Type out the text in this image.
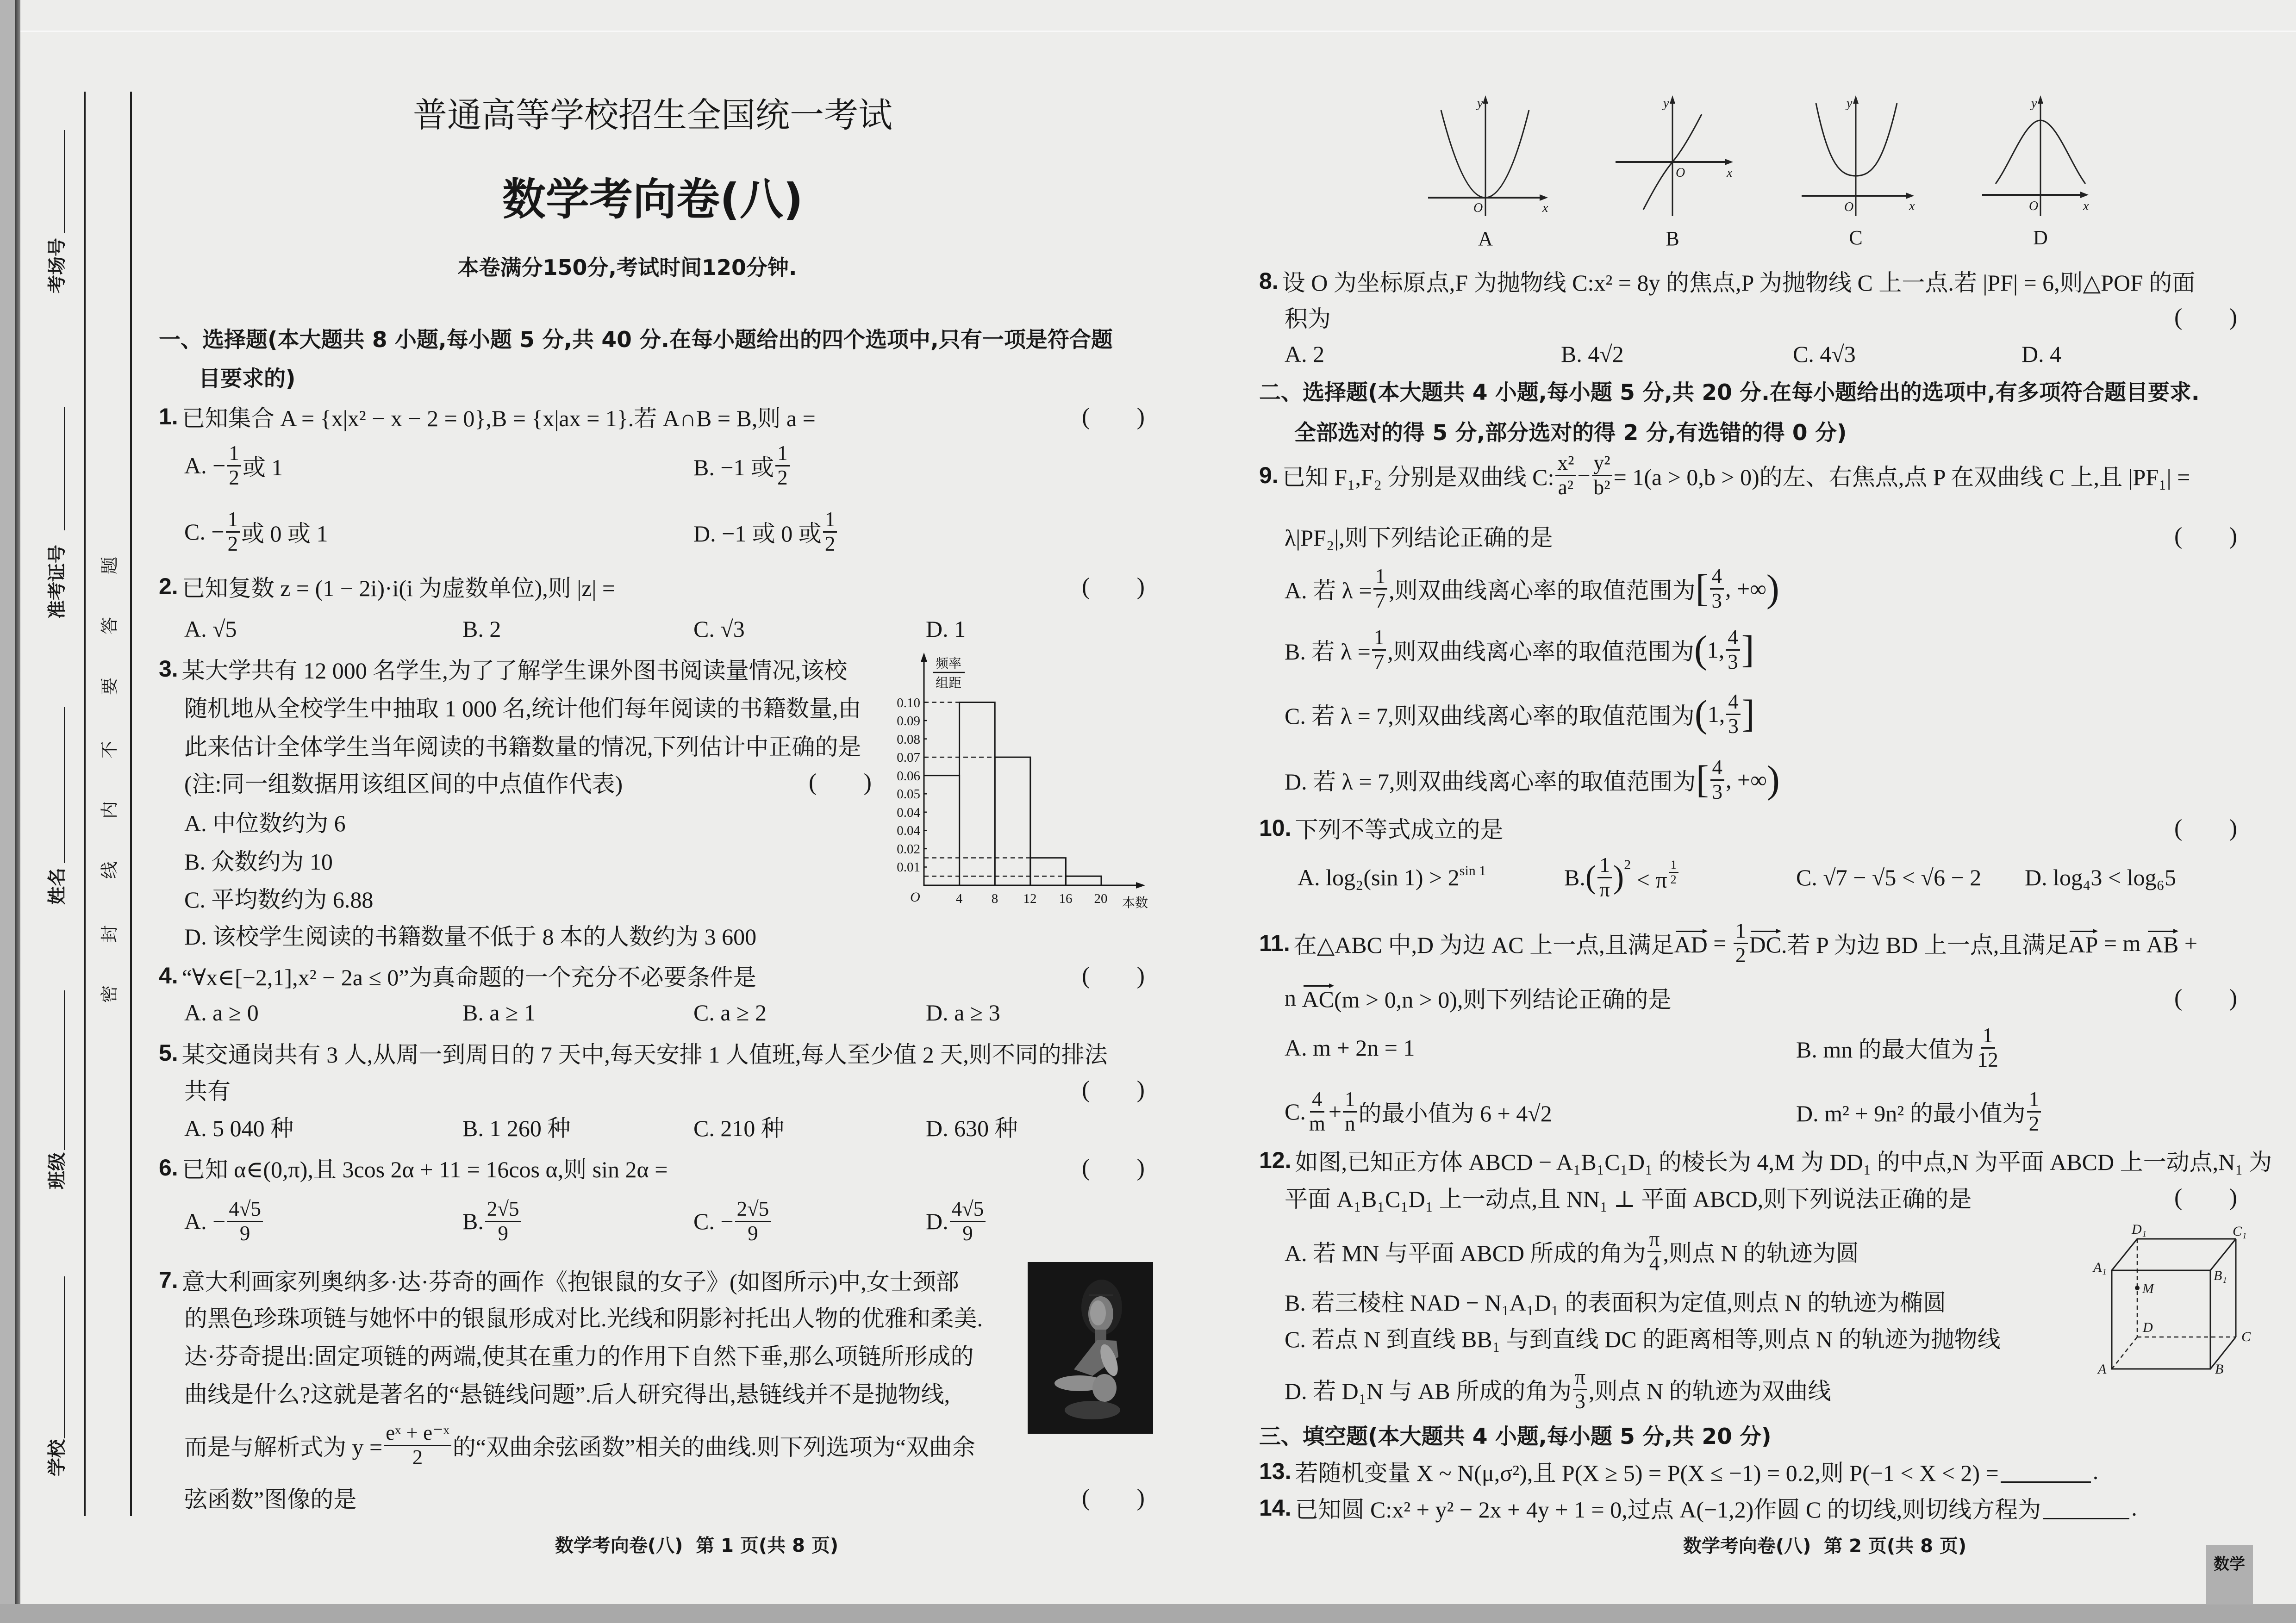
考场号
准考证号
姓名
班级
学校
密
封
线
内
不
要
答
题
普通高等学校招生全国统一考试
数学考向卷(八)
本卷满分150分,考试时间120分钟.
一、选择题(本大题共 8 小题,每小题 5 分,共 40 分.在每小题给出的四个选项中,只有一项是符合题
目要求的)
1. 已知集合 A = {x|x² − x − 2 = 0},B = {x|ax = 1}.若 A∩B = B,则 a =	( )
A. − $\frac{1}{2}$ 或 1	B. −1 或 $\frac{1}{2}$
C. − $\frac{1}{2}$ 或 0 或 1	D. −1 或 0 或 $\frac{1}{2}$
2. 已知复数 z = (1 − 2i)·i(i 为虚数单位),则 |z| =	( )
A. √5	B. 2	C. √3	D. 1
3. 某大学共有 12 000 名学生,为了了解学生课外图书阅读量情况,该校
随机地从全校学生中抽取 1 000 名,统计他们每年阅读的书籍数量,由
此来估计全体学生当年阅读的书籍数量的情况,下列估计中正确的是
(注:同一组数据用该组区间的中点值作代表)	( )
A. 中位数约为 6
B. 众数约为 10
C. 平均数约为 6.88
D. 该校学生阅读的书籍数量不低于 8 本的人数约为 3 600
频率
组距
0.10
0.09
0.08
0.07
0.06
0.05
0.04
0.04
0.02
0.01
O	4 8 12 16 20 本数
4. “∀x∈[−2,1],x² − 2a ≤ 0”为真命题的一个充分不必要条件是	( )
A. a ≥ 0	B. a ≥ 1	C. a ≥ 2	D. a ≥ 3
5. 某交通岗共有 3 人,从周一到周日的 7 天中,每天安排 1 人值班,每人至少值 2 天,则不同的排法
共有	( )
A. 5 040 种	B. 1 260 种	C. 210 种	D. 630 种
6. 已知 α∈(0,π),且 3cos 2α + 11 = 16cos α,则 sin 2α =	( )
A. − $\frac{4√5}{9}$	B. $\frac{2√5}{9}$	C. − $\frac{2√5}{9}$	D. $\frac{4√5}{9}$
7. 意大利画家列奥纳多·达·芬奇的画作《抱银鼠的女子》(如图所示)中,女士颈部
的黑色珍珠项链与她怀中的银鼠形成对比.光线和阴影衬托出人物的优雅和柔美.
达·芬奇提出:固定项链的两端,使其在重力的作用下自然下垂,那么项链所形成的
曲线是什么?这就是著名的“悬链线问题”.后人研究得出,悬链线并不是抛物线,
而是与解析式为 $y = \frac{\text{eˣ + e⁻ˣ}}{2}$ 的“双曲余弦函数”相关的曲线.则下列选项为“双曲余
弦函数”图像的是	( )
数学考向卷(八)  第 1 页(共 8 页)
y
x
O
A
y
O	x
B
y
O	x
C
y
O	x
D
8. 设 O 为坐标原点,F 为抛物线 C:x² = 8y 的焦点,P 为抛物线 C 上一点.若 |PF| = 6,则△POF 的面
积为	( )
A. 2	B. 4√2	C. 4√3	D. 4
二、选择题(本大题共 4 小题,每小题 5 分,共 20 分.在每小题给出的选项中,有多项符合题目要求.
全部选对的得 5 分,部分选对的得 2 分,有选错的得 0 分)
9. 已知 F₁,F₂ 分别是双曲线 C: $\frac{\text{x²}}{\text{a²}} - \frac{\text{y²}}{\text{b²}} = 1(a > 0,b > 0)$的左、右焦点,点 P 在双曲线 C 上,且 |PF₁| =
λ|PF₂|,则下列结论正确的是	( )
A. 若 $\lambda = \frac{1}{7}$ ,则双曲线离心率的取值范围为 [ $\frac{4}{3}$ , +∞ )
B. 若 $\lambda = \frac{1}{7}$ ,则双曲线离心率的取值范围为 ( 1, $\frac{4}{3}$ ]
C. 若 λ = 7,则双曲线离心率的取值范围为 ( 1, $\frac{4}{3}$ ]
D. 若 λ = 7,则双曲线离心率的取值范围为 [ $\frac{4}{3}$ , +∞ )
10. 下列不等式成立的是	( )
A. log₂(sin $1) > 2^{sin 1}$	B. ( $\frac{1}{\pi} )^2 < \pi \frac{1}{2}$	C. √7 − √5 < √6 − 2 D. log₄3 < log₆5
11. 在△ABC 中,D 为边 AC 上一点,且满足 AD = $\frac{1}{2}$ DC .若 P 为边 BD 上一点,且满足 AP = m AB +
n AC (m > 0,n > 0),则下列结论正确的是	( )
A. m + 2n = 1	B. mn 的最大值为 $\frac{1}{12}$
C. $\frac{4}{m} + \frac{1}{n}$ 的最小值为 6 + 4√2	D. m² + 9n² 的最小值为 $\frac{1}{2}$
12. 如图,已知正方体 ABCD − A₁B₁C₁D₁ 的棱长为 4,M 为 DD₁ 的中点,N 为平面 ABCD 上一动点,N₁ 为
平面 A₁B₁C₁D₁ 上一动点,且 NN₁ ⊥ 平面 ABCD,则下列说法正确的是	( )
A. 若 MN 与平面 ABCD 所成的角为 $\frac{\pi}{4}$ ,则点 N 的轨迹为圆
B. 若三棱柱 NAD − N₁A₁D₁ 的表面积为定值,则点 N 的轨迹为椭圆
C. 若点 N 到直线 BB₁ 与到直线 DC 的距离相等,则点 N 的轨迹为抛物线
D. 若 D₁N 与 AB 所成的角为 $\frac{\pi}{3}$ ,则点 N 的轨迹为双曲线
D₁	C₁
A₁
B₁
M
D
C
A	B
三、填空题(本大题共 4 小题,每小题 5 分,共 20 分)
13. 若随机变量 X ~ N(μ,σ²),且 P(X ≥ 5) = P(X ≤ −1) = 0.2,则 P(−1 < X < 2) =	.
14. 已知圆 C:x² + y² − 2x + 4y + 1 = 0,过点 A(−1,2)作圆 C 的切线,则切线方程为	.
数学考向卷(八)  第 2 页(共 8 页)
数学
